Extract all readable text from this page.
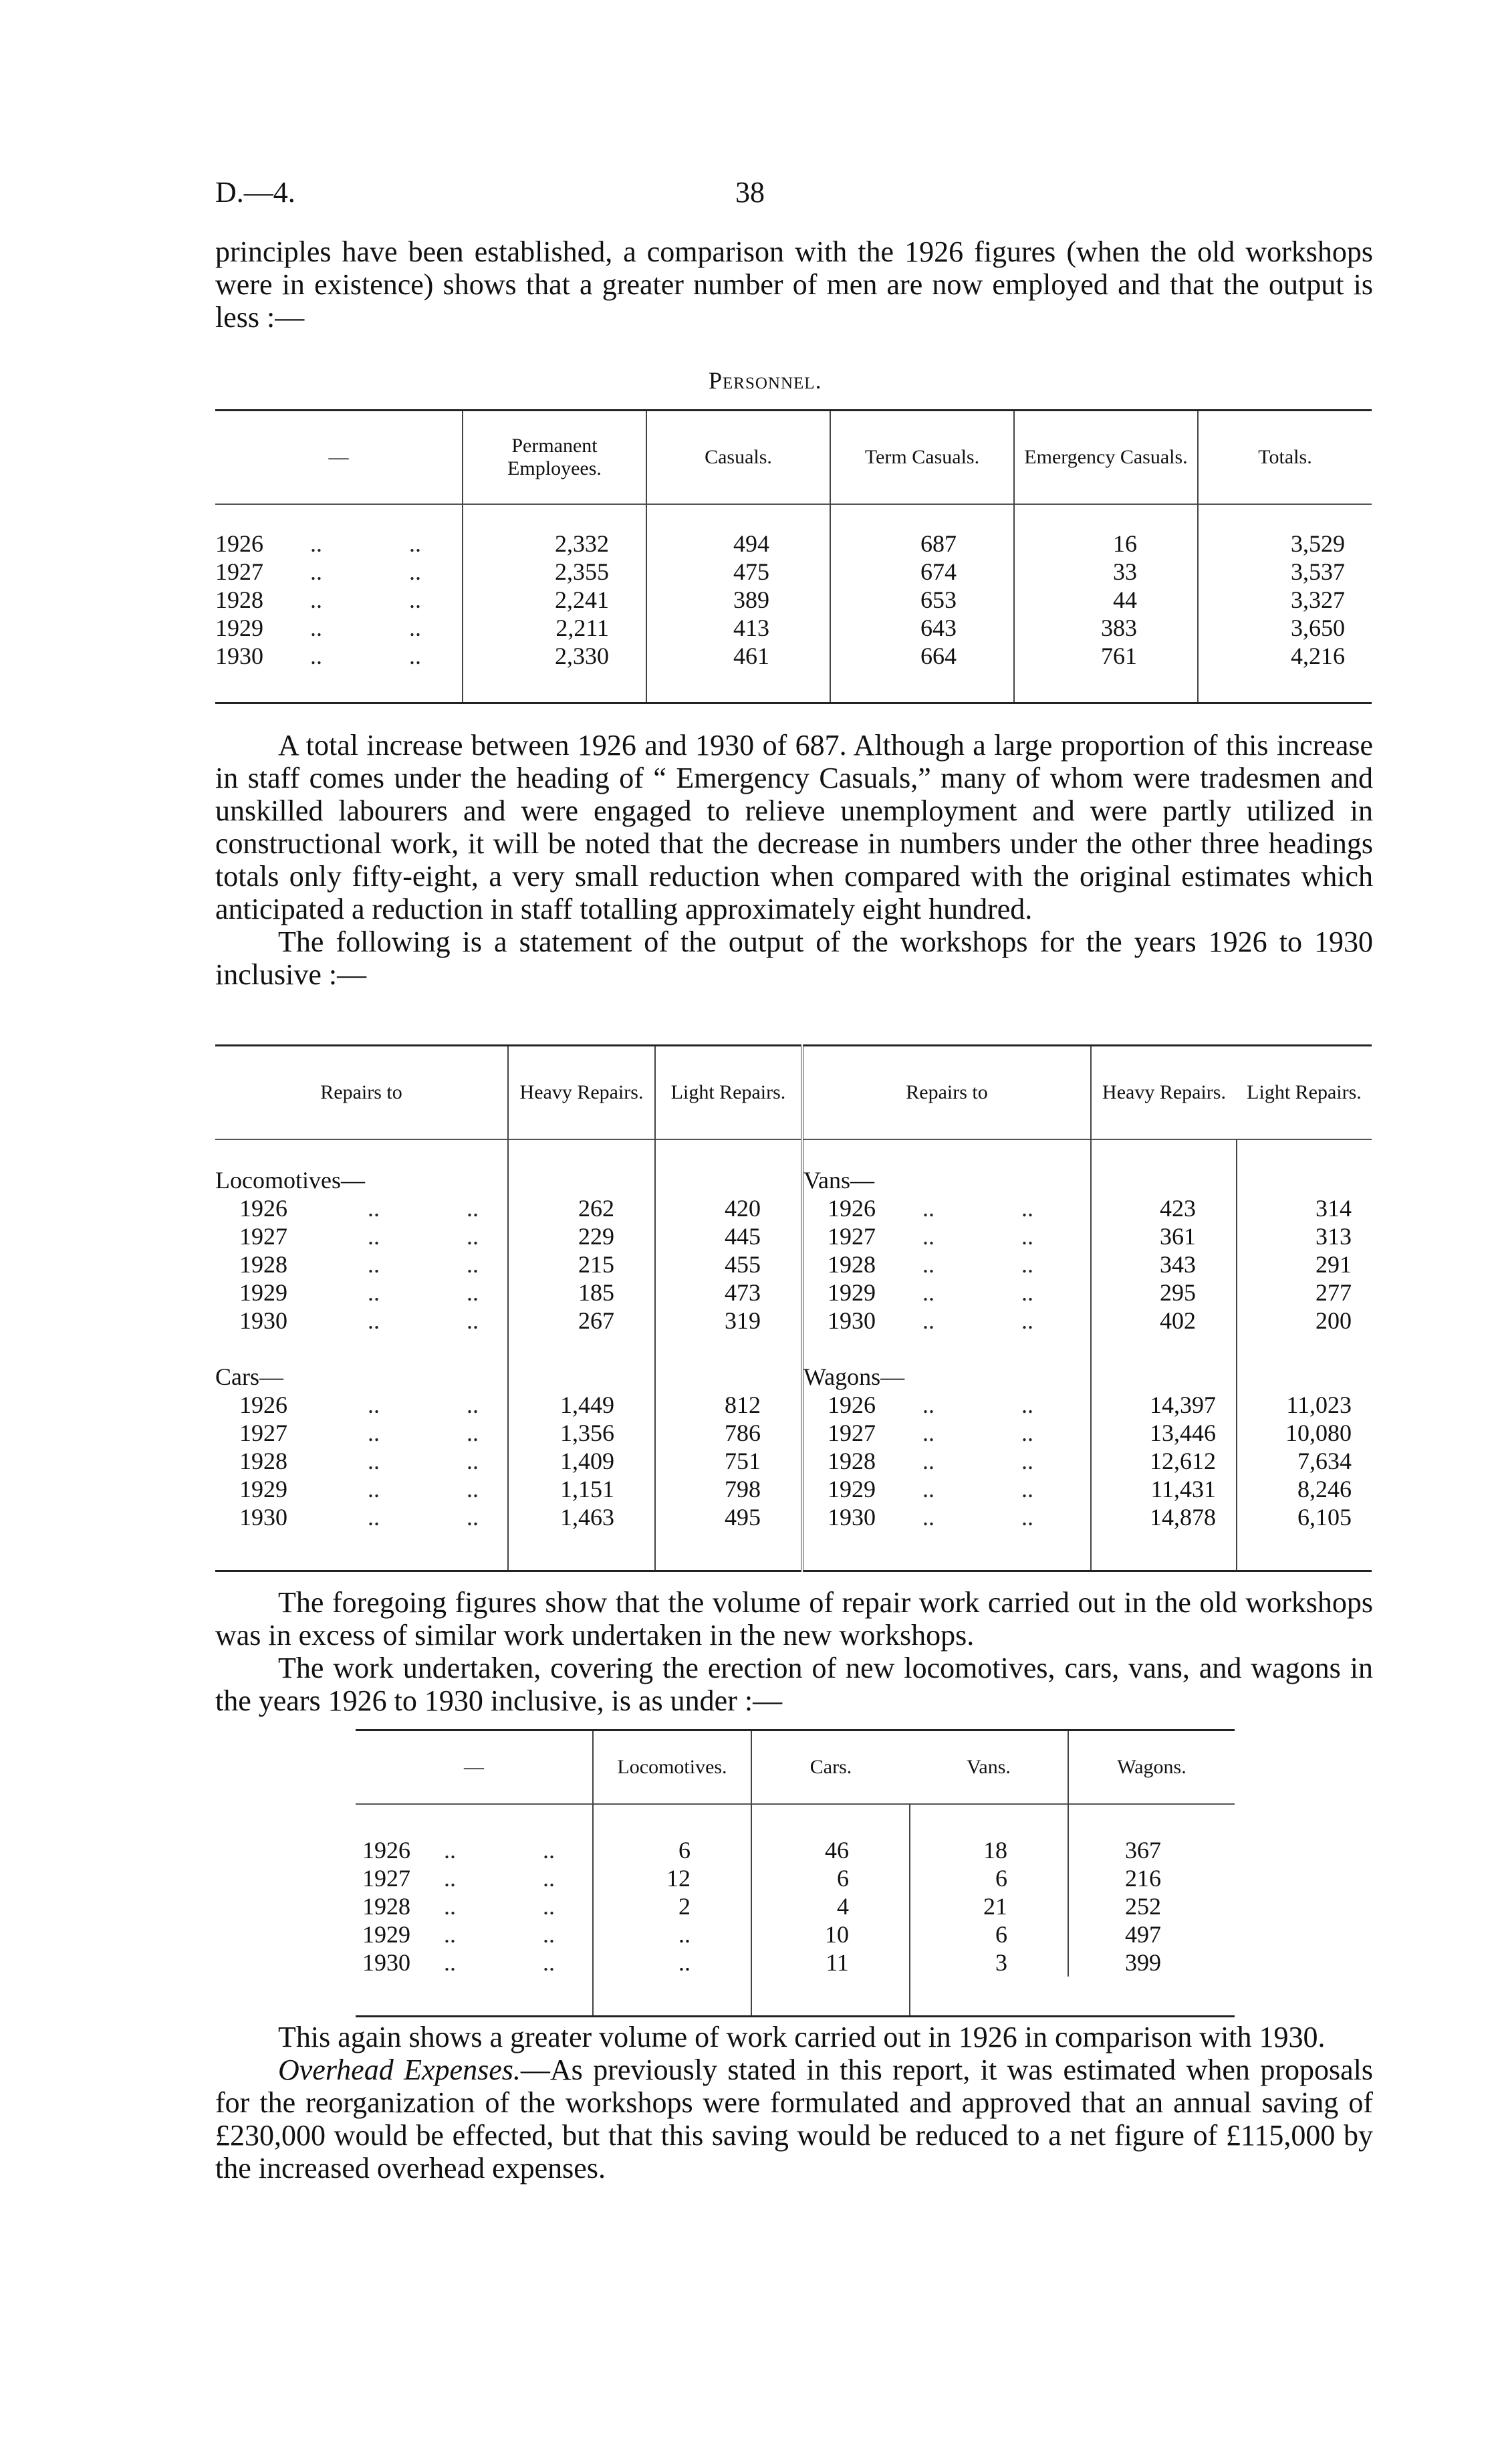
D.—4.	38

principles have been established, a comparison with the 1926 figures (when the old workshops were in existence) shows that a greater number of men are now employed and that the output is less :—

Personnel.
—	Permanent Employees.	Casuals.	Term Casuals.	Emergency Casuals.	Totals.

1926 .. ..	2,332	494	687	16	3,529
1927 .. ..	2,355	475	674	33	3,537
1928 .. ..	2,241	389	653	44	3,327
1929 .. ..	2,211	413	643	383	3,650
1930 .. ..	2,330	461	664	761	4,216

A total increase between 1926 and 1930 of 687. Although a large proportion of this increase in staff comes under the heading of “ Emergency Casuals,” many of whom were tradesmen and unskilled labourers and were engaged to relieve unemployment and were partly utilized in constructional work, it will be noted that the decrease in numbers under the other three headings totals only fifty-eight, a very small reduction when compared with the original estimates which anticipated a reduction in staff totalling approximately eight hundred.

The following is a statement of the output of the workshops for the years 1926 to 1930 inclusive :—

Repairs to	Heavy Repairs.	Light Repairs.	Repairs to	Heavy Repairs.	Light Repairs.

Locomotives—			Vans—		
1926 .. ..	262	420	1926 .. ..	423	314
1927 .. ..	229	445	1927 .. ..	361	313
1928 .. ..	215	455	1928 .. ..	343	291
1929 .. ..	185	473	1929 .. ..	295	277
1930 .. ..	267	319	1930 .. ..	402	200

Cars—			Wagons—		
1926 .. ..	1,449	812	1926 .. ..	14,397	11,023
1927 .. ..	1,356	786	1927 .. ..	13,446	10,080
1928 .. ..	1,409	751	1928 .. ..	12,612	7,634
1929 .. ..	1,151	798	1929 .. ..	11,431	8,246
1930 .. ..	1,463	495	1930 .. ..	14,878	6,105

The foregoing figures show that the volume of repair work carried out in the old workshops was in excess of similar work undertaken in the new workshops.

The work undertaken, covering the erection of new locomotives, cars, vans, and wagons in the years 1926 to 1930 inclusive, is as under :—

—	Locomotives.	Cars.	Vans.	Wagons.

1926 .. ..	6	46	18	367
1927 .. ..	12	6	6	216
1928 .. ..	2	4	21	252
1929 .. ..	..	10	6	497
1930 .. ..	..	11	3	399

This again shows a greater volume of work carried out in 1926 in comparison with 1930.

Overhead Expenses.—As previously stated in this report, it was estimated when proposals for the reorganization of the workshops were formulated and approved that an annual saving of £230,000 would be effected, but that this saving would be reduced to a net figure of £115,000 by the increased overhead expenses.
